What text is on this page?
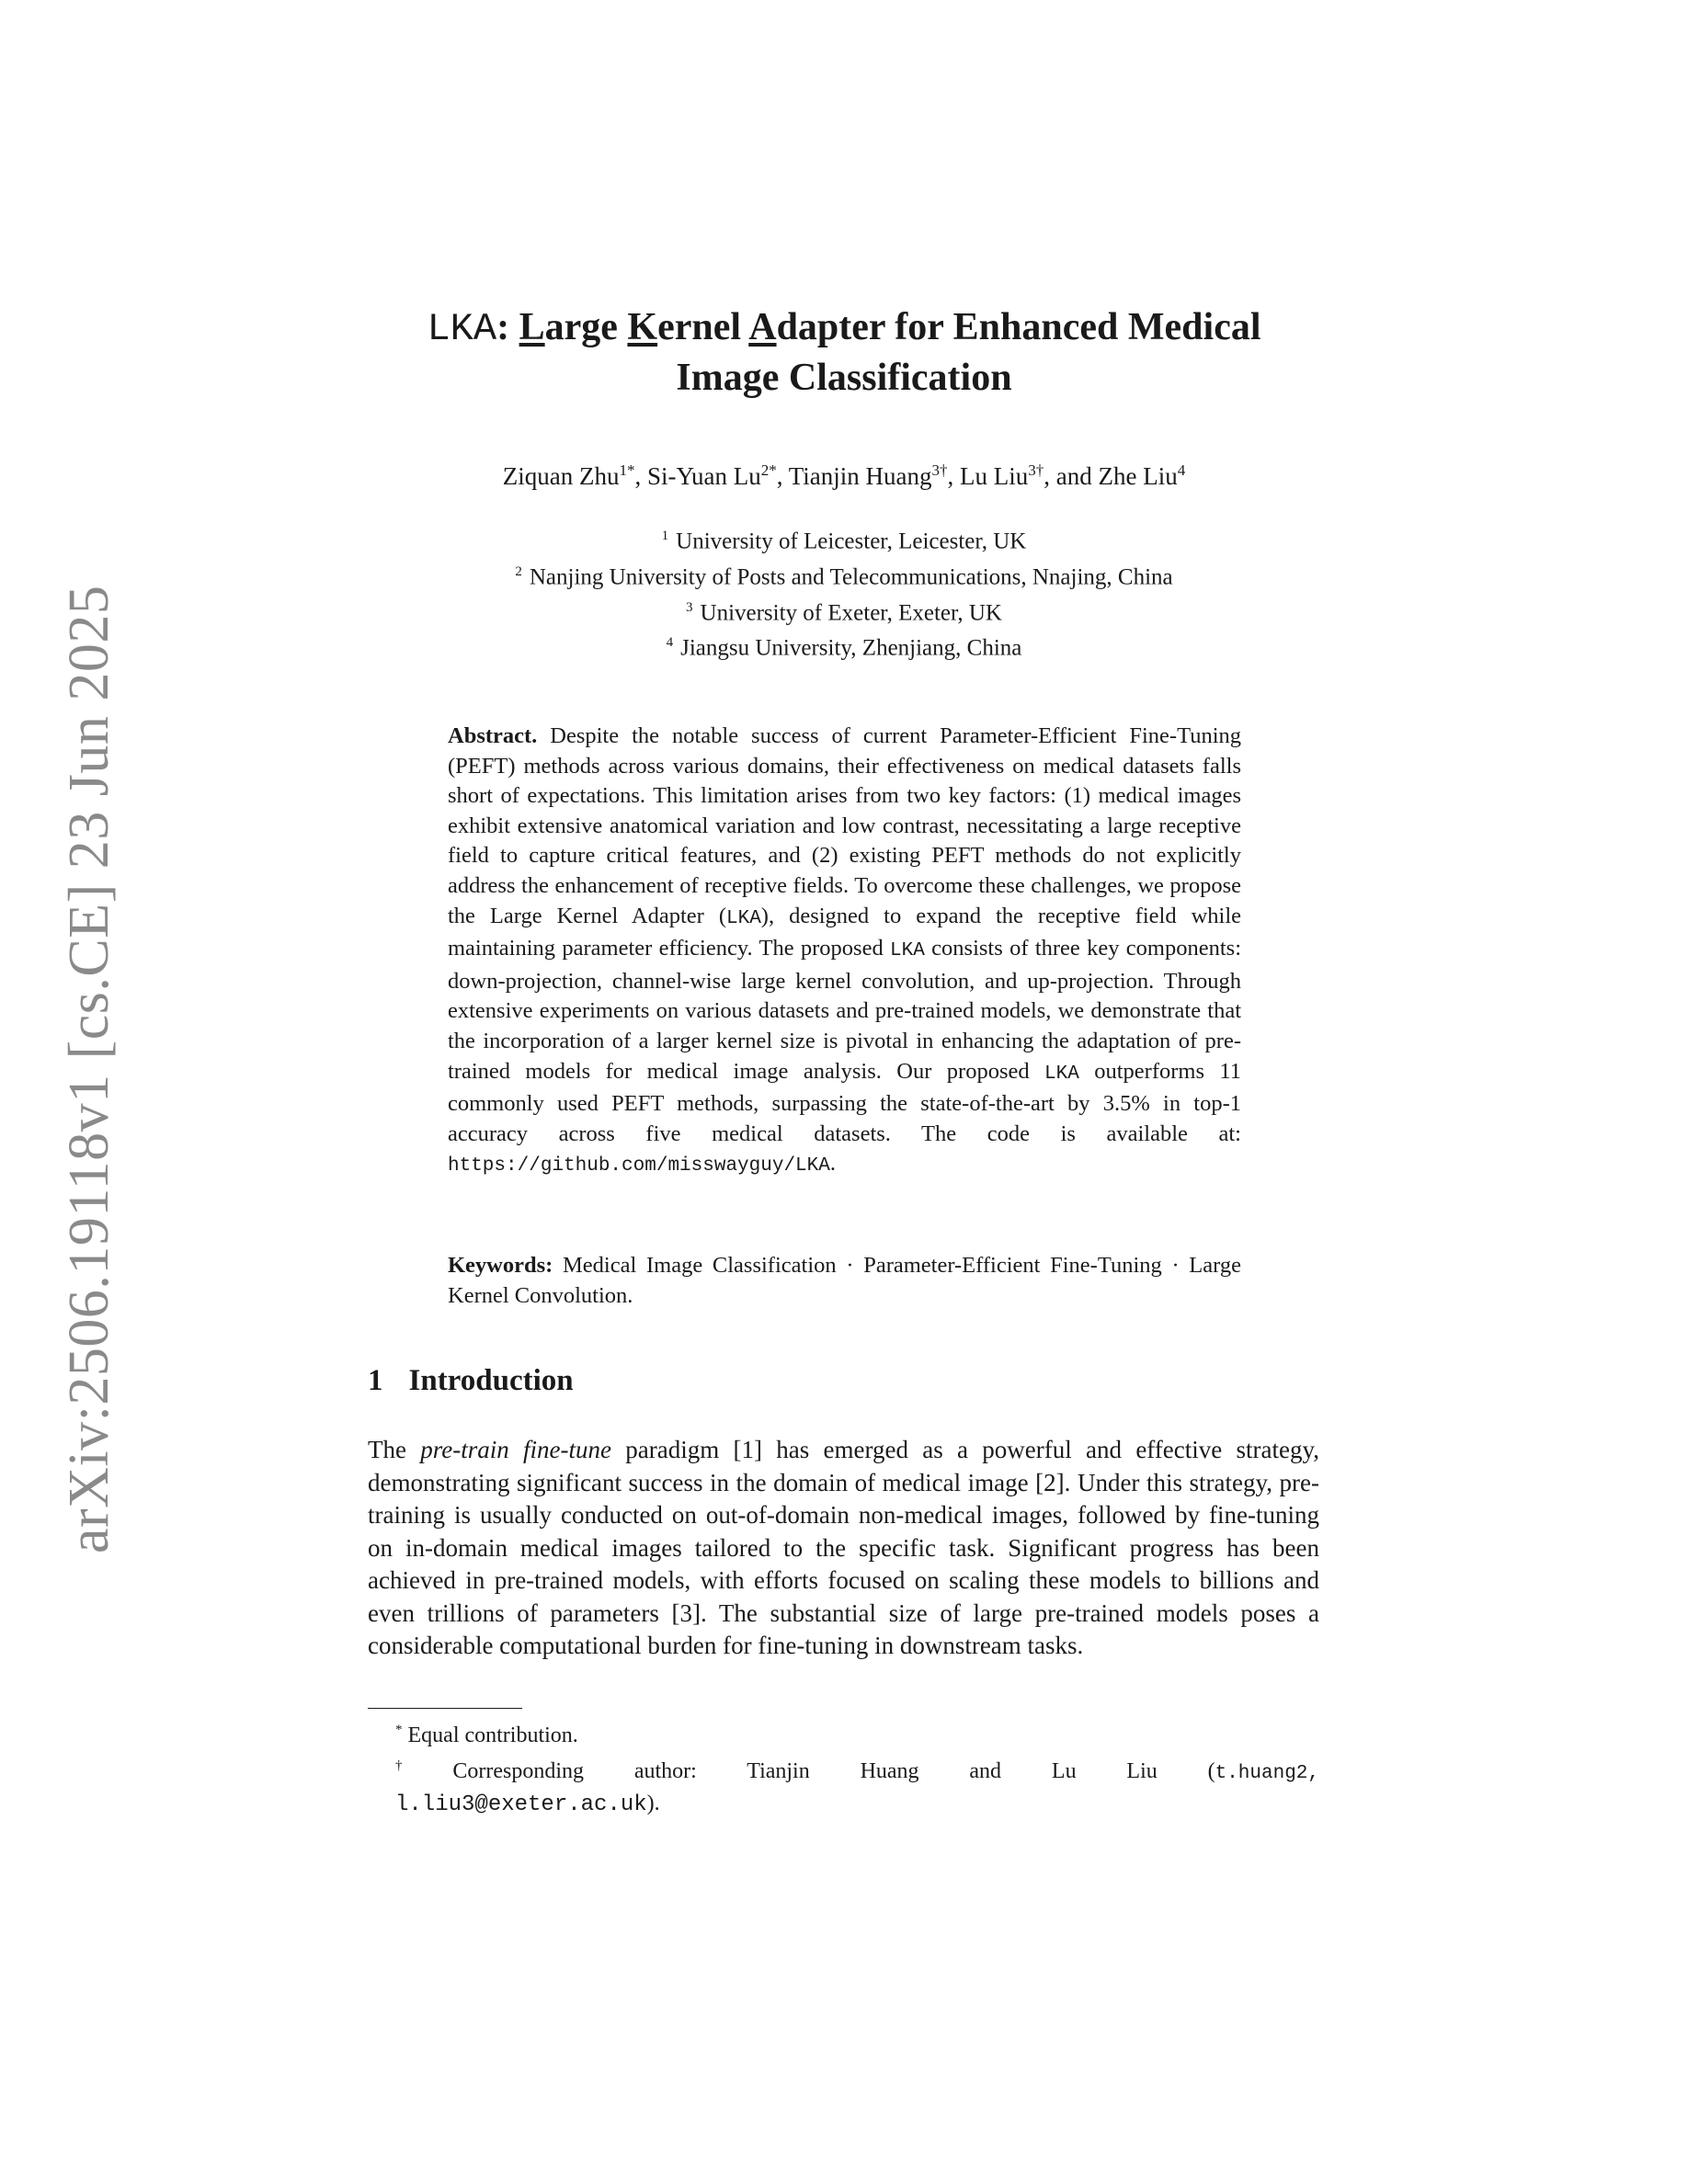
arXiv:2506.19118v1 [cs.CE] 23 Jun 2025
LKA: Large Kernel Adapter for Enhanced Medical
Image Classification
Ziquan Zhu$^{1*}$, Si-Yuan $Lu^{2*}$, Tianjin Huang$^{3\dagger}$, Lu Liu$^{3\dagger}$, and Zhe Liu$^4$
$^1$ University of Leicester, Leicester, UK
$^2$ Nanjing University of Posts and Telecommunications, Nnajing, China
$^3$ University of Exeter, Exeter, UK
$^4$ Jiangsu University, Zhenjiang, China
Abstract. Despite the notable success of current Parameter-Efficient Fine-Tuning (PEFT) methods across various domains, their effectiveness on medical datasets falls short of expectations. This limitation arises from two key factors: (1) medical images exhibit extensive anatomical variation and low contrast, necessitating a large receptive field to capture critical features, and (2) existing PEFT methods do not explicitly address the enhancement of receptive fields. To overcome these challenges, we propose the Large Kernel Adapter (LKA), designed to expand the receptive field while maintaining parameter efficiency. The proposed LKA consists of three key components: down-projection, channel-wise large kernel convolution, and up-projection. Through extensive experiments on various datasets and pre-trained models, we demonstrate that the incorporation of a larger kernel size is pivotal in enhancing the adaptation of pre-trained models for medical image analysis. Our proposed LKA outperforms 11 commonly used PEFT methods, surpassing the state-of-the-art by 3.5% in top-1 accuracy across five medical datasets. The code is available at: https://github.com/misswayguy/LKA.
Keywords: Medical Image Classification · Parameter-Efficient Fine-Tuning · Large Kernel Convolution.
1 Introduction
The pre-train fine-tune paradigm [1] has emerged as a powerful and effective strategy, demonstrating significant success in the domain of medical image [2]. Under this strategy, pre-training is usually conducted on out-of-domain non-medical images, followed by fine-tuning on in-domain medical images tailored to the specific task. Significant progress has been achieved in pre-trained models, with efforts focused on scaling these models to billions and even trillions of parameters [3]. The substantial size of large pre-trained models poses a considerable computational burden for fine-tuning in downstream tasks.
* Equal contribution.
† Corresponding author: Tianjin Huang and Lu Liu (t.huang2,
l.liu3@exeter.ac.uk).
